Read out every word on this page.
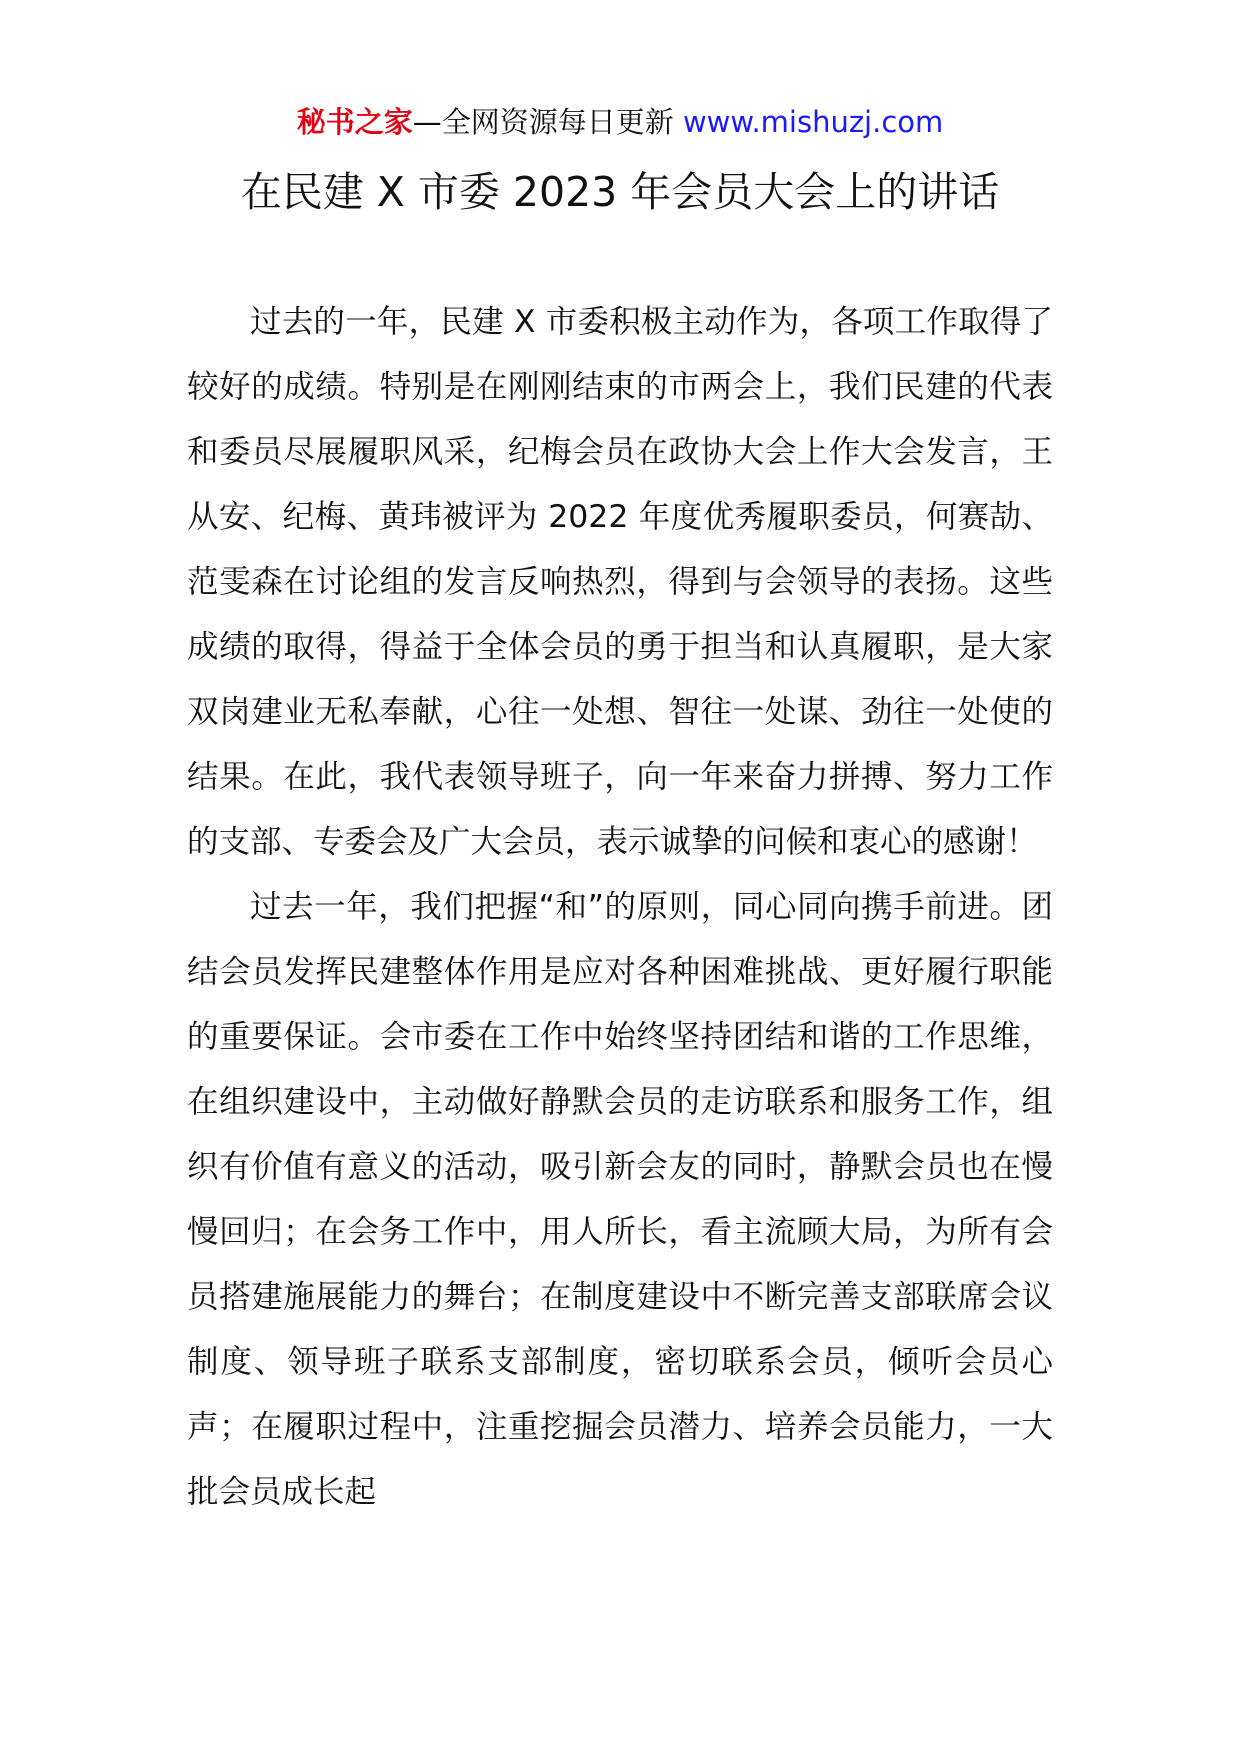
秘书之家—全网资源每日更新 www.mishuzj.com
在民建 X 市委 2023 年会员大会上的讲话

过去的一年，民建 X 市委积极主动作为，各项工作取得了较好的成绩。特别是在刚刚结束的市两会上，我们民建的代表和委员尽展履职风采，纪梅会员在政协大会上作大会发言，王从安、纪梅、黄玮被评为 2022 年度优秀履职委员，何赛劼、范雯森在讨论组的发言反响热烈，得到与会领导的表扬。这些成绩的取得，得益于全体会员的勇于担当和认真履职，是大家双岗建业无私奉献，心往一处想、智往一处谋、劲往一处使的结果。在此，我代表领导班子，向一年来奋力拼搏、努力工作的支部、专委会及广大会员，表示诚挚的问候和衷心的感谢！

过去一年，我们把握“和”的原则，同心同向携手前进。团结会员发挥民建整体作用是应对各种困难挑战、更好履行职能的重要保证。会市委在工作中始终坚持团结和谐的工作思维，在组织建设中，主动做好静默会员的走访联系和服务工作，组织有价值有意义的活动，吸引新会友的同时，静默会员也在慢慢回归；在会务工作中，用人所长，看主流顾大局，为所有会员搭建施展能力的舞台；在制度建设中不断完善支部联席会议制度、领导班子联系支部制度，密切联系会员，倾听会员心声；在履职过程中，注重挖掘会员潜力、培养会员能力，一大批会员成长起
